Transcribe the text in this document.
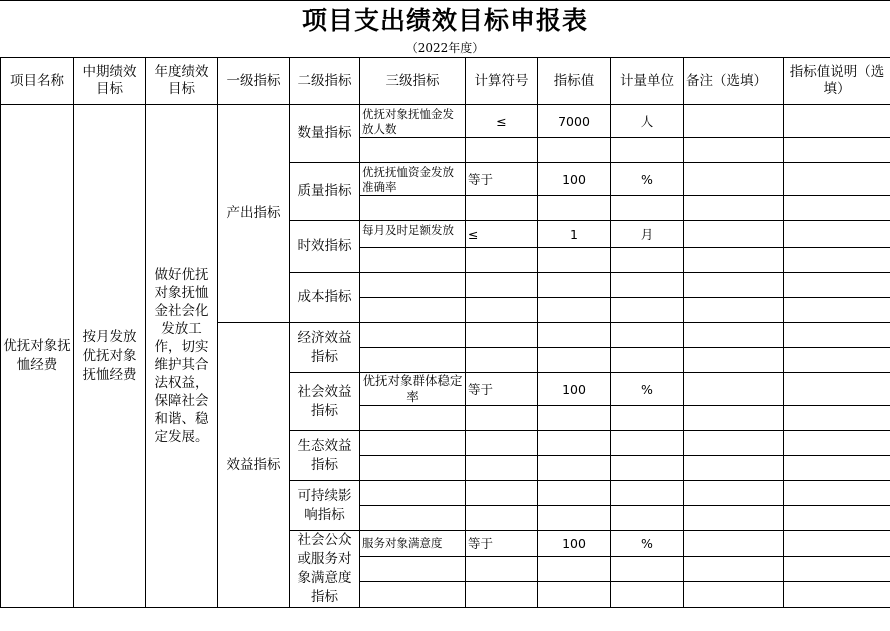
项目支出绩效目标申报表
（2022年度）
项目名称	中期绩效目标	年度绩效目标	一级指标	二级指标	三级指标	计算符号	指标值	计量单位	备注（选填）	指标值说明（选填）
优抚对象抚恤经费	按月发放优抚对象抚恤经费	做好优抚对象抚恤金社会化发放工作，切实维护其合法权益，保障社会和谐、稳定发展。	产出指标	数量指标	优抚对象抚恤金发放人数	≤	7000	人		

				质量指标	优抚抚恤资金发放准确率	等于	100	%		

				时效指标	每月及时足额发放	≤	1	月		

				成本指标						

			效益指标	经济效益指标						

				社会效益指标	优抚对象群体稳定率	等于	100	%		

				生态效益指标						

				可持续影响指标						

				社会公众或服务对象满意度指标	服务对象满意度	等于	100	%		
